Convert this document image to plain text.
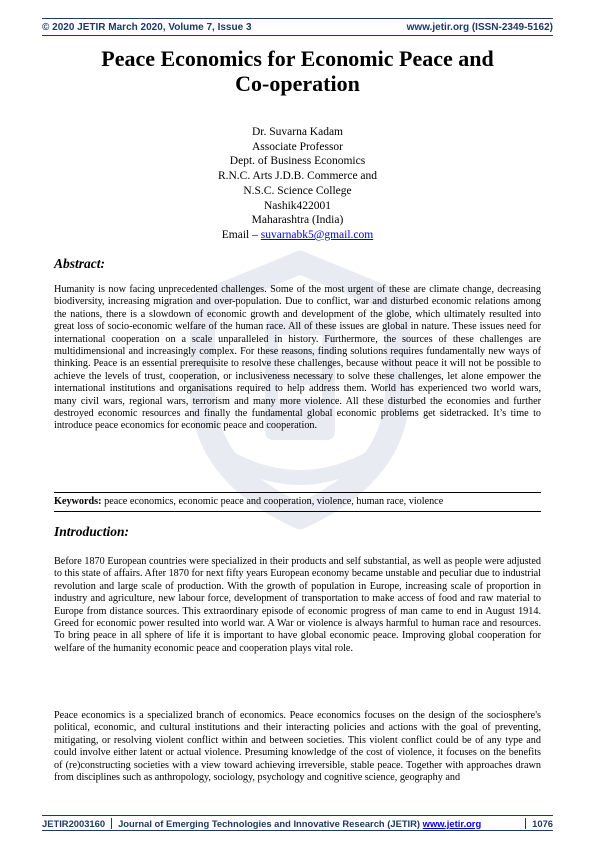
© 2020 JETIR March 2020, Volume 7, Issue 3	www.jetir.org (ISSN-2349-5162)
Peace Economics for Economic Peace and
Co-operation
Dr. Suvarna Kadam
Associate Professor
Dept. of Business Economics
R.N.C. Arts J.D.B. Commerce and
N.S.C. Science College
Nashik422001
Maharashtra (India)
Email – suvarnabk5@gmail.com
Abstract:
Humanity is now facing unprecedented challenges. Some of the most urgent of these are climate change, decreasing biodiversity, increasing migration and over-population. Due to conflict, war and disturbed economic relations among the nations, there is a slowdown of economic growth and development of the globe, which ultimately resulted into great loss of socio-economic welfare of the human race. All of these issues are global in nature. These issues need for international cooperation on a scale unparalleled in history. Furthermore, the sources of these challenges are multidimensional and increasingly complex. For these reasons, finding solutions requires fundamentally new ways of thinking. Peace is an essential prerequisite to resolve these challenges, because without peace it will not be possible to achieve the levels of trust, cooperation, or inclusiveness necessary to solve these challenges, let alone empower the international institutions and organisations required to help address them. World has experienced two world wars, many civil wars, regional wars, terrorism and many more violence. All these disturbed the economies and further destroyed economic resources and finally the fundamental global economic problems get sidetracked. It’s time to introduce peace economics for economic peace and cooperation.
Keywords: peace economics, economic peace and cooperation, violence, human race, violence
Introduction:
Before 1870 European countries were specialized in their products and self substantial, as well as people were adjusted to this state of affairs. After 1870 for next fifty years European economy became unstable and peculiar due to industrial revolution and large scale of production. With the growth of population in Europe, increasing scale of proportion in industry and agriculture, new labour force, development of transportation to make access of food and raw material to Europe from distance sources. This extraordinary episode of economic progress of man came to end in August 1914. Greed for economic power resulted into world war. A War or violence is always harmful to human race and resources. To bring peace in all sphere of life it is important to have global economic peace. Improving global cooperation for welfare of the humanity economic peace and cooperation plays vital role.
Peace economics is a specialized branch of economics. Peace economics focuses on the design of the sociosphere's political, economic, and cultural institutions and their interacting policies and actions with the goal of preventing, mitigating, or resolving violent conflict within and between societies. This violent conflict could be of any type and could involve either latent or actual violence. Presuming knowledge of the cost of violence, it focuses on the benefits of (re)constructing societies with a view toward achieving irreversible, stable peace. Together with approaches drawn from disciplines such as anthropology, sociology, psychology and cognitive science, geography and
JETIR2003160	Journal of Emerging Technologies and Innovative Research (JETIR) www.jetir.org	1076
